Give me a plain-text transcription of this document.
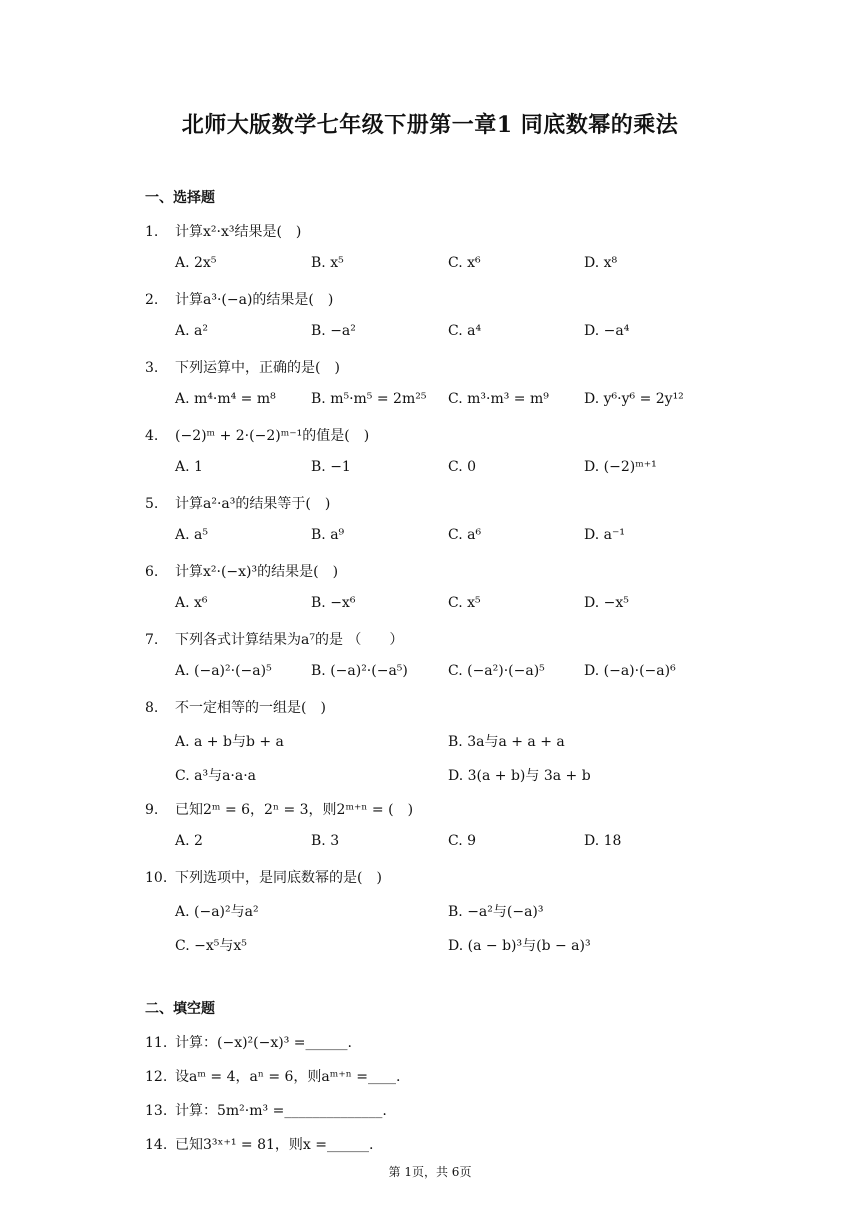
北师大版数学七年级下册第一章1 同底数幂的乘法
一、选择题
1. 计算x²·x³结果是(　)
A. 2x⁵	B. x⁵	C. x⁶	D. x⁸
2. 计算a³·(−a)的结果是(　)
A. a²	B. −a²	C. a⁴	D. −a⁴
3. 下列运算中，正确的是(　)
A. m⁴·m⁴ = m⁸	B. m⁵·m⁵ = 2m²⁵ C. m³·m³ = m⁹	D. y⁶·y⁶ = 2y¹²
4. (−2)ᵐ + 2·(−2)ᵐ⁻¹的值是(　)
A. 1	B. −1	C. 0	D. (−2)ᵐ⁺¹
5. 计算a²·a³的结果等于(　)
A. a⁵	B. a⁹	C. a⁶	D. a⁻¹
6. 计算x²·(−x)³的结果是(　)
A. x⁶	B. −x⁶	C. x⁵	D. −x⁵
7. 下列各式计算结果为a⁷的是 （　　）
A. (−a)²·(−a)⁵	B. (−a)²·(−a⁵)	C. (−a²)·(−a)⁵	D. (−a)·(−a)⁶
8. 不一定相等的一组是(　)
A. a + b与b + a	B. 3a与a + a + a
C. a³与a·a·a	D. 3(a + b)与 3a + b
9. 已知2ᵐ = 6，2ⁿ = 3，则2ᵐ⁺ⁿ = (　)
A. 2	B. 3	C. 9	D. 18
10. 下列选项中，是同底数幂的是(　)
A. (−a)²与a²	B. −a²与(−a)³
C. −x⁵与x⁵	D. (a − b)³与(b − a)³
二、填空题
11. 计算：(−x)²(−x)³ =______.
12. 设aᵐ = 4，aⁿ = 6，则aᵐ⁺ⁿ =____.
13. 计算：5m²·m³ =______________.
14. 已知3³ˣ⁺¹ = 81，则x =______.
第 1页，共 6页
